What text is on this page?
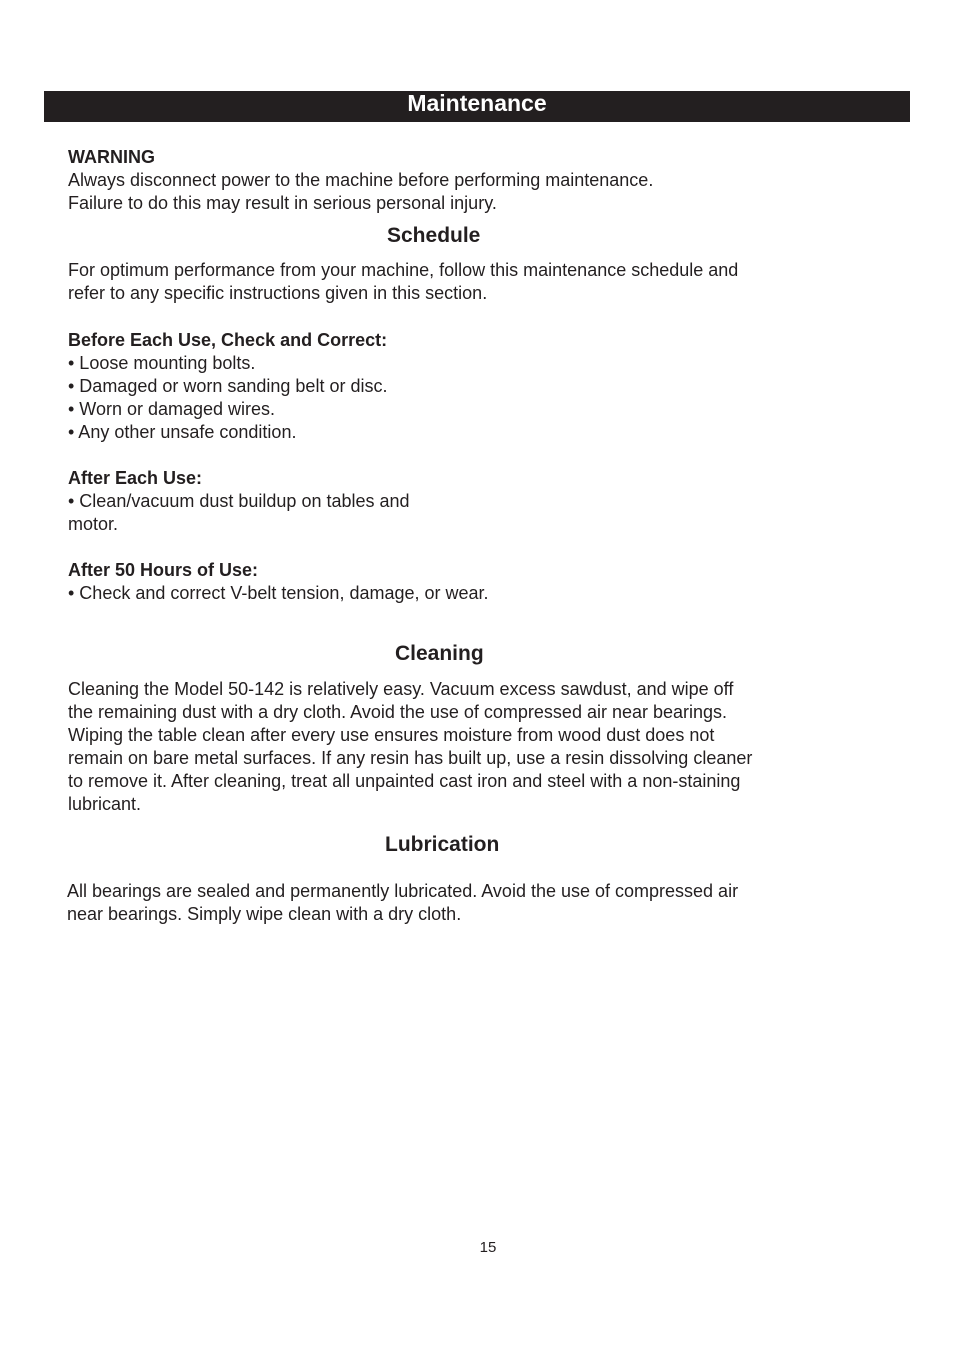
Maintenance
WARNING
Always disconnect power to the machine before performing maintenance.
Failure to do this may result in serious personal injury.
Schedule
For optimum performance from your machine, follow this maintenance schedule and
refer to any specific instructions given in this section.
Before Each Use, Check and Correct:
• Loose mounting bolts.
• Damaged or worn sanding belt or disc.
• Worn or damaged wires.
• Any other unsafe condition.
After Each Use:
• Clean/vacuum dust buildup on tables and
motor.
After 50 Hours of Use:
• Check and correct V-belt tension, damage, or wear.
Cleaning
Cleaning the Model 50-142 is relatively easy. Vacuum excess sawdust, and wipe off
the remaining dust with a dry cloth. Avoid the use of compressed air near bearings.
Wiping the table clean after every use ensures moisture from wood dust does not
remain on bare metal surfaces. If any resin has built up, use a resin dissolving cleaner
to remove it. After cleaning, treat all unpainted cast iron and steel with a non-staining
lubricant.
Lubrication
All bearings are sealed and permanently lubricated. Avoid the use of compressed air
near bearings. Simply wipe clean with a dry cloth.
15
